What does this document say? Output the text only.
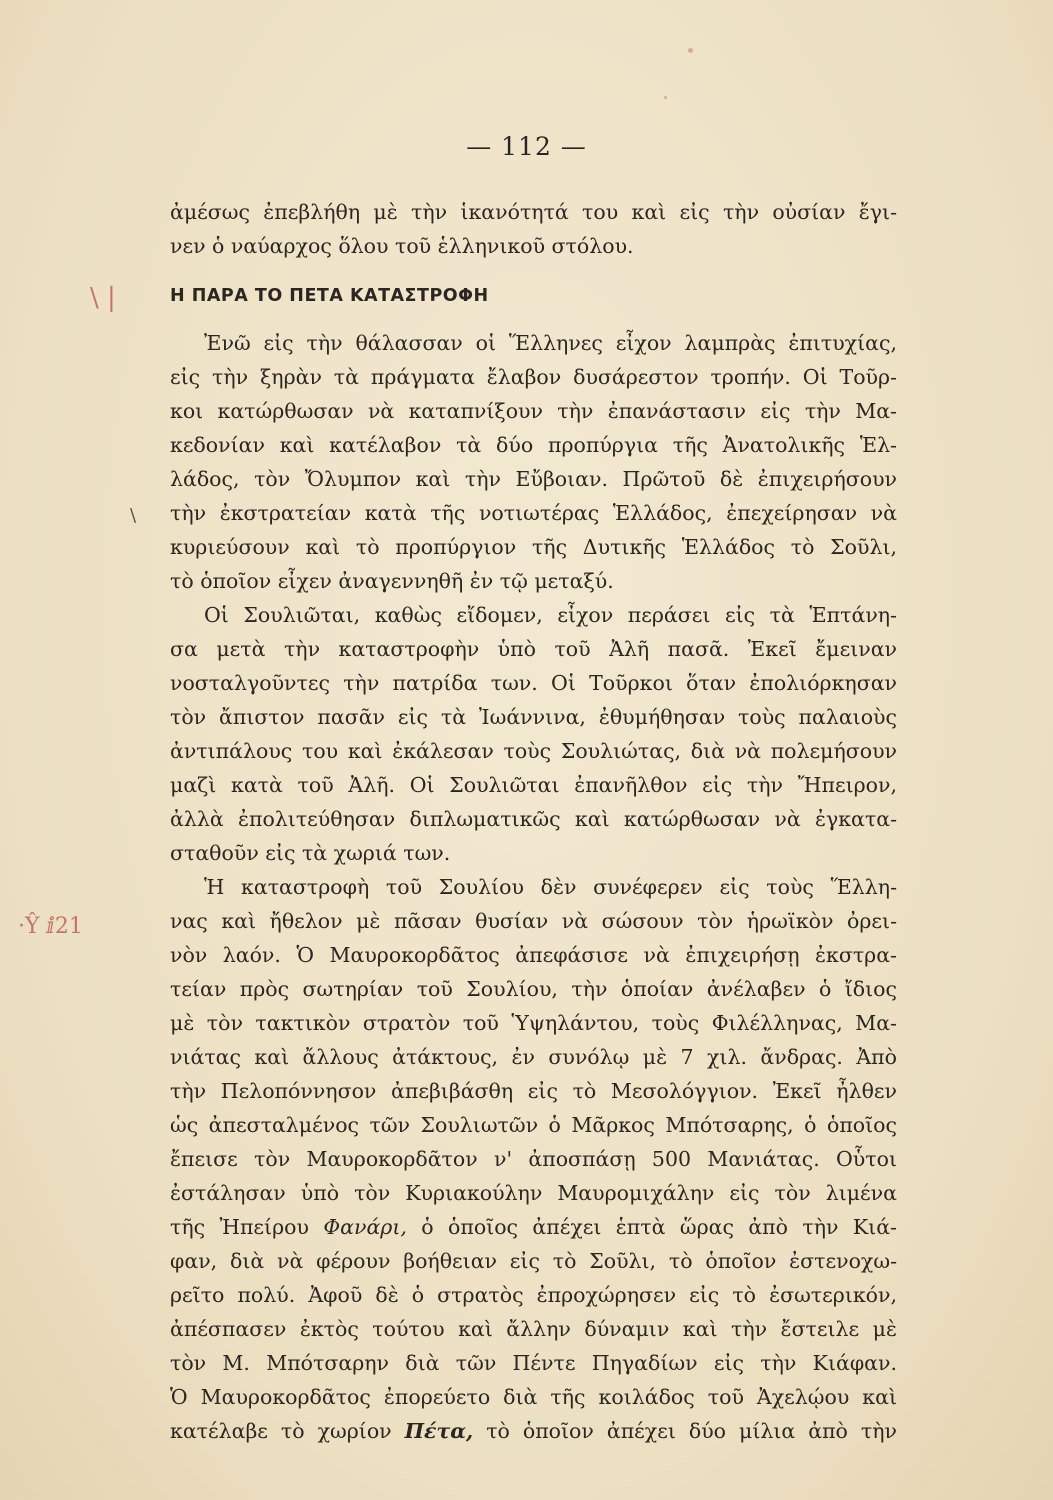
— 112 —
ἀμέσως ἐπεβλήθη μὲ τὴν ἱκανότητά του καὶ εἰς τὴν οὐσίαν ἔγι-
νεν ὁ ναύαρχος ὅλου τοῦ ἑλληνικοῦ στόλου.
Η ΠΑΡΑ ΤΟ ΠΕΤΑ ΚΑΤΑΣΤΡΟΦΗ
Ἐνῶ εἰς τὴν θάλασσαν οἱ Ἕλληνες εἶχον λαμπρὰς ἐπιτυχίας,
εἰς τὴν ξηρὰν τὰ πράγματα ἔλαβον δυσάρεστον τροπήν. Οἱ Τοῦρ-
κοι κατώρθωσαν νὰ καταπνίξουν τὴν ἐπανάστασιν εἰς τὴν Μα-
κεδονίαν καὶ κατέλαβον τὰ δύο προπύργια τῆς Ἀνατολικῆς Ἑλ-
λάδος, τὸν Ὄλυμπον καὶ τὴν Εὔβοιαν. Πρῶτοῦ δὲ ἐπιχειρήσουν
τὴν ἐκστρατείαν κατὰ τῆς νοτιωτέρας Ἑλλάδος, ἐπεχείρησαν νὰ
κυριεύσουν καὶ τὸ προπύργιον τῆς Δυτικῆς Ἑλλάδος τὸ Σοῦλι,
τὸ ὁποῖον εἶχεν ἀναγεννηθῆ ἐν τῷ μεταξύ.
Οἱ Σουλιῶται, καθὼς εἴδομεν, εἶχον περάσει εἰς τὰ Ἑπτάνη-
σα μετὰ τὴν καταστροφὴν ὑπὸ τοῦ Ἀλῆ πασᾶ. Ἐκεῖ ἔμειναν
νοσταλγοῦντες τὴν πατρίδα των. Οἱ Τοῦρκοι ὅταν ἐπολιόρκησαν
τὸν ἄπιστον πασᾶν εἰς τὰ Ἰωάννινα, ἐθυμήθησαν τοὺς παλαιοὺς
ἀντιπάλους του καὶ ἐκάλεσαν τοὺς Σουλιώτας, διὰ νὰ πολεμήσουν
μαζὶ κατὰ τοῦ Ἀλῆ. Οἱ Σουλιῶται ἐπανῆλθον εἰς τὴν Ἤπειρον,
ἀλλὰ ἐπολιτεύθησαν διπλωματικῶς καὶ κατώρθωσαν νὰ ἐγκατα-
σταθοῦν εἰς τὰ χωριά των.
Ἡ καταστροφὴ τοῦ Σουλίου δὲν συνέφερεν εἰς τοὺς Ἕλλη-
νας καὶ ἤθελον μὲ πᾶσαν θυσίαν νὰ σώσουν τὸν ἡρωϊκὸν ὀρει-
νὸν λαόν. Ὁ Μαυροκορδᾶτος ἀπεφάσισε νὰ ἐπιχειρήσῃ ἐκστρα-
τείαν πρὸς σωτηρίαν τοῦ Σουλίου, τὴν ὁποίαν ἀνέλαβεν ὁ ἴδιος
μὲ τὸν τακτικὸν στρατὸν τοῦ Ὑψηλάντου, τοὺς Φιλέλληνας, Μα-
νιάτας καὶ ἄλλους ἀτάκτους, ἐν συνόλῳ μὲ 7 χιλ. ἄνδρας. Ἀπὸ
τὴν Πελοπόννησον ἀπεβιβάσθη εἰς τὸ Μεσολόγγιον. Ἐκεῖ ἦλθεν
ὡς ἀπεσταλμένος τῶν Σουλιωτῶν ὁ Μᾶρκος Μπότσαρης, ὁ ὁποῖος
ἔπεισε τὸν Μαυροκορδᾶτον ν' ἀποσπάσῃ 500 Μανιάτας. Οὗτοι
ἐστάλησαν ὑπὸ τὸν Κυριακούλην Μαυρομιχάλην εἰς τὸν λιμένα
τῆς Ἠπείρου Φανάρι, ὁ ὁποῖος ἀπέχει ἑπτὰ ὥρας ἀπὸ τὴν Κιά-
φαν, διὰ νὰ φέρουν βοήθειαν εἰς τὸ Σοῦλι, τὸ ὁποῖον ἐστενοχω-
ρεῖτο πολύ. Ἀφοῦ δὲ ὁ στρατὸς ἐπροχώρησεν εἰς τὸ ἐσωτερικόν,
ἀπέσπασεν ἐκτὸς τούτου καὶ ἄλλην δύναμιν καὶ τὴν ἔστειλε μὲ
τὸν Μ. Μπότσαρην διὰ τῶν Πέντε Πηγαδίων εἰς τὴν Κιάφαν.
Ὁ Μαυροκορδᾶτος ἐπορεύετο διὰ τῆς κοιλάδος τοῦ Ἀχελῴου καὶ
κατέλαβε τὸ χωρίον Πέτα, τὸ ὁποῖον ἀπέχει δύο μίλια ἀπὸ τὴν
\ |
\
·Ŷ ⅈ21
